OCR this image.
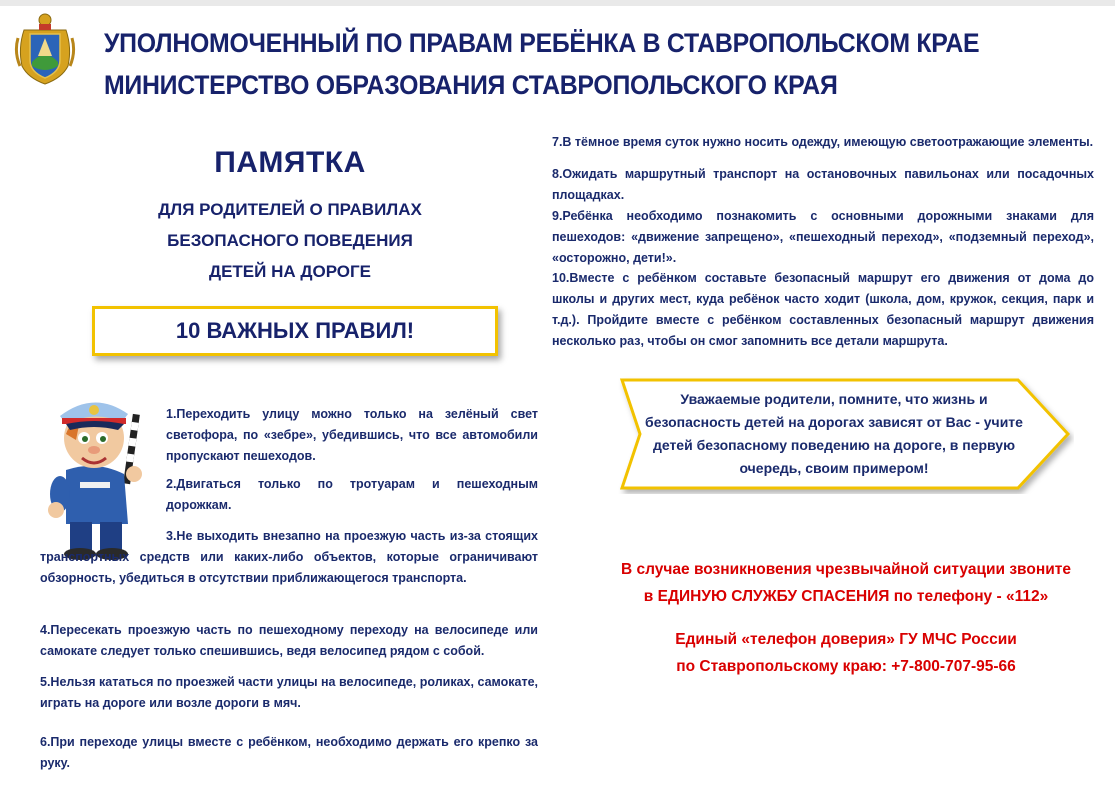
УПОЛНОМОЧЕННЫЙ ПО ПРАВАМ РЕБЁНКА В СТАВРОПОЛЬСКОМ КРАЕ
МИНИСТЕРСТВО ОБРАЗОВАНИЯ СТАВРОПОЛЬСКОГО КРАЯ
ПАМЯТКА
ДЛЯ РОДИТЕЛЕЙ О ПРАВИЛАХ
БЕЗОПАСНОГО ПОВЕДЕНИЯ
ДЕТЕЙ НА ДОРОГЕ
10 ВАЖНЫХ ПРАВИЛ!

1.Переходить улицу можно только на зелёный свет светофора, по «зебре», убедившись, что все автомобили пропускают пешеходов.

2.Двигаться только по тротуарам и пешеходным дорожкам.

3.Не выходить внезапно на проезжую часть из-за стоящих транспортных средств или каких-либо объектов, которые ограничивают обзорность, убедиться в отсутствии приближающегося транспорта.

4.Пересекать проезжую часть по пешеходному переходу на велосипеде или самокате следует только спешившись, ведя велосипед рядом с собой.

5.Нельзя кататься по проезжей части улицы на велосипеде, роликах, самокате, играть на дороге или возле дороги в мяч.

6.При переходе улицы вместе с ребёнком, необходимо держать его крепко за руку.

7.В тёмное время суток нужно носить одежду, имеющую светоотражающие элементы.

8.Ожидать маршрутный транспорт на остановочных павильонах или посадочных площадках.

9.Ребёнка необходимо познакомить с основными дорожными знаками для пешеходов: «движение запрещено», «пешеходный переход», «подземный переход», «осторожно, дети!».

10.Вместе с ребёнком составьте безопасный маршрут его движения от дома до школы и других мест, куда ребёнок часто ходит (школа, дом, кружок, секция, парк и т.д.). Пройдите вместе с ребёнком составленных безопасный маршрут движения несколько раз, чтобы он смог запомнить все детали маршрута.

Уважаемые родители, помните, что жизнь и безопасность детей на дорогах зависят от Вас - учите детей безопасному поведению на дороге, в первую очередь, своим примером!
В случае возникновения чрезвычайной ситуации звоните
в ЕДИНУЮ СЛУЖБУ СПАСЕНИЯ по телефону - «112»
Единый «телефон доверия» ГУ МЧС России
по Ставропольскому краю: +7-800-707-95-66
